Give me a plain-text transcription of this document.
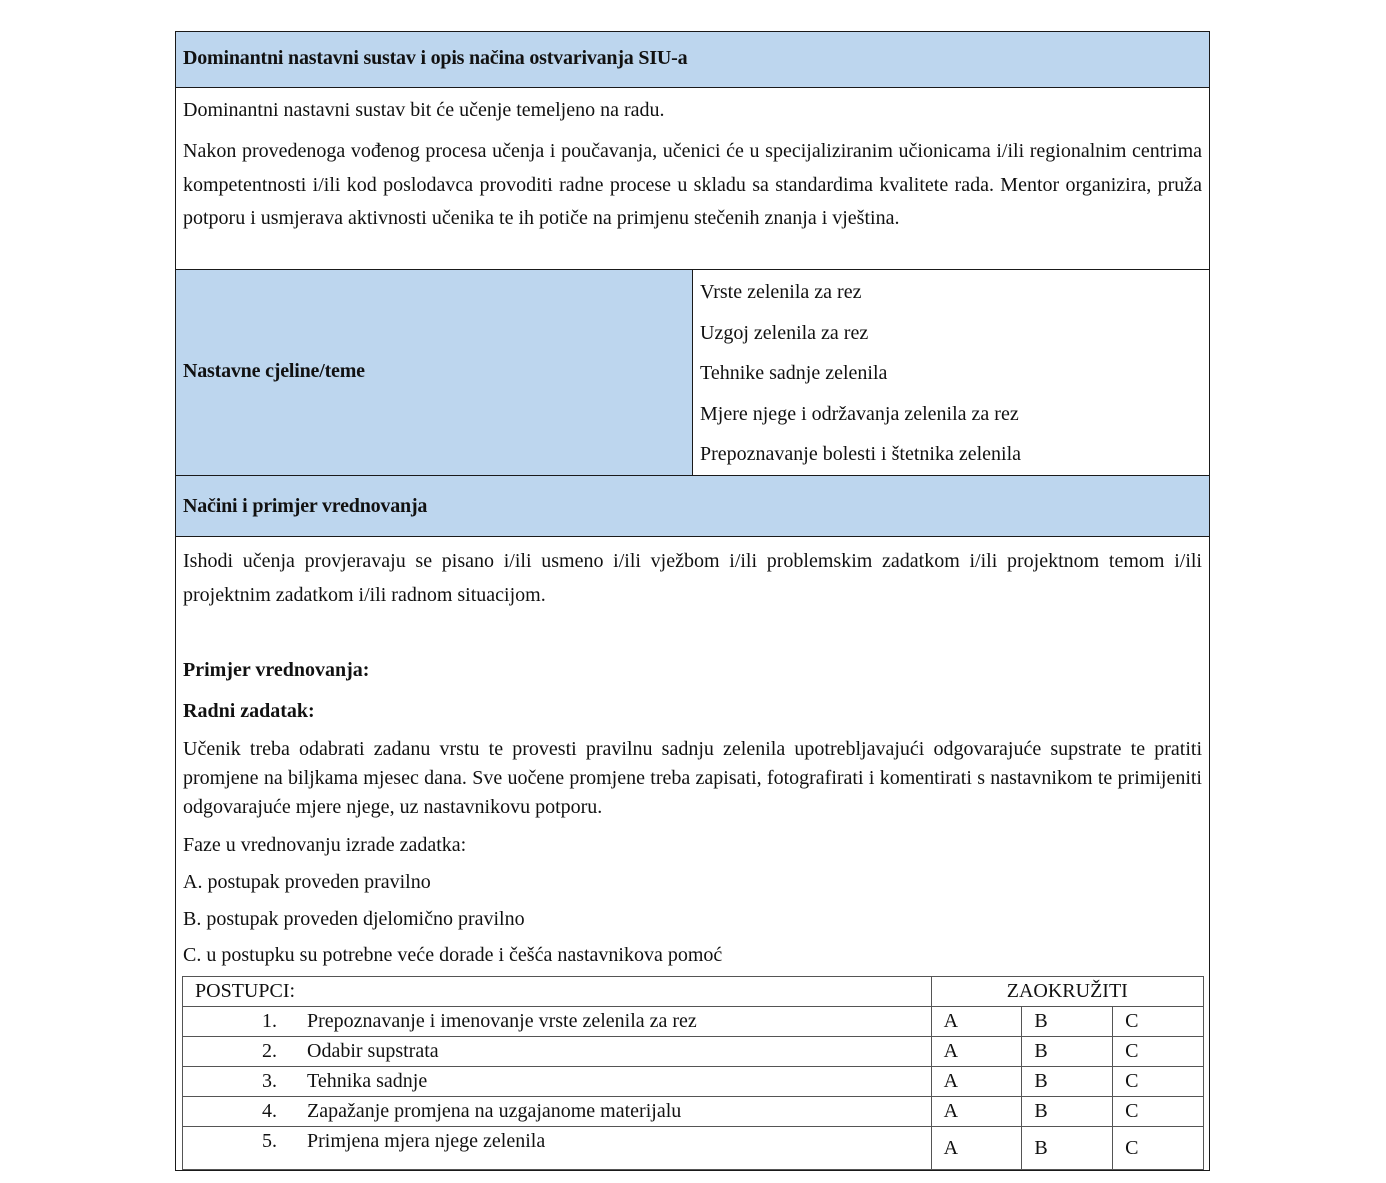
Dominantni nastavni sustav i opis načina ostvarivanja SIU-a

Dominantni nastavni sustav bit će učenje temeljeno na radu.

Nakon provedenoga vođenog procesa učenja i poučavanja, učenici će u specijaliziranim učionicama i/ili regionalnim centrima kompetentnosti i/ili kod poslodavca provoditi radne procese u skladu sa standardima kvalitete rada. Mentor organizira, pruža potporu i usmjerava aktivnosti učenika te ih potiče na primjenu stečenih znanja i vještina.

Nastavne cjeline/teme
Vrste zelenila za rez
Uzgoj zelenila za rez
Tehnike sadnje zelenila
Mjere njege i održavanja zelenila za rez
Prepoznavanje bolesti i štetnika zelenila
Načini i primjer vrednovanja

Ishodi učenja provjeravaju se pisano i/ili usmeno i/ili vježbom i/ili problemskim zadatkom i/ili projektnom temom i/ili projektnim zadatkom i/ili radnom situacijom.

Primjer vrednovanja:

Radni zadatak:

Učenik treba odabrati zadanu vrstu te provesti pravilnu sadnju zelenila upotrebljavajući odgovarajuće supstrate te pratiti promjene na biljkama mjesec dana. Sve uočene promjene treba zapisati, fotografirati i komentirati s nastavnikom te primijeniti odgovarajuće mjere njege, uz nastavnikovu potporu.

Faze u vrednovanju izrade zadatka:

A. postupak proveden pravilno

B. postupak proveden djelomično pravilno

C. u postupku su potrebne veće dorade i češća nastavnikova pomoć

POSTUPCI:	ZAOKRUŽITI		
1. Prepoznavanje i imenovanje vrste zelenila za rez	A	B	C
2. Odabir supstrata	A	B	C
3. Tehnika sadnje	A	B	C
4. Zapažanje promjena na uzgajanome materijalu	A	B	C
5. Primjena mjera njege zelenila	A	B	C
